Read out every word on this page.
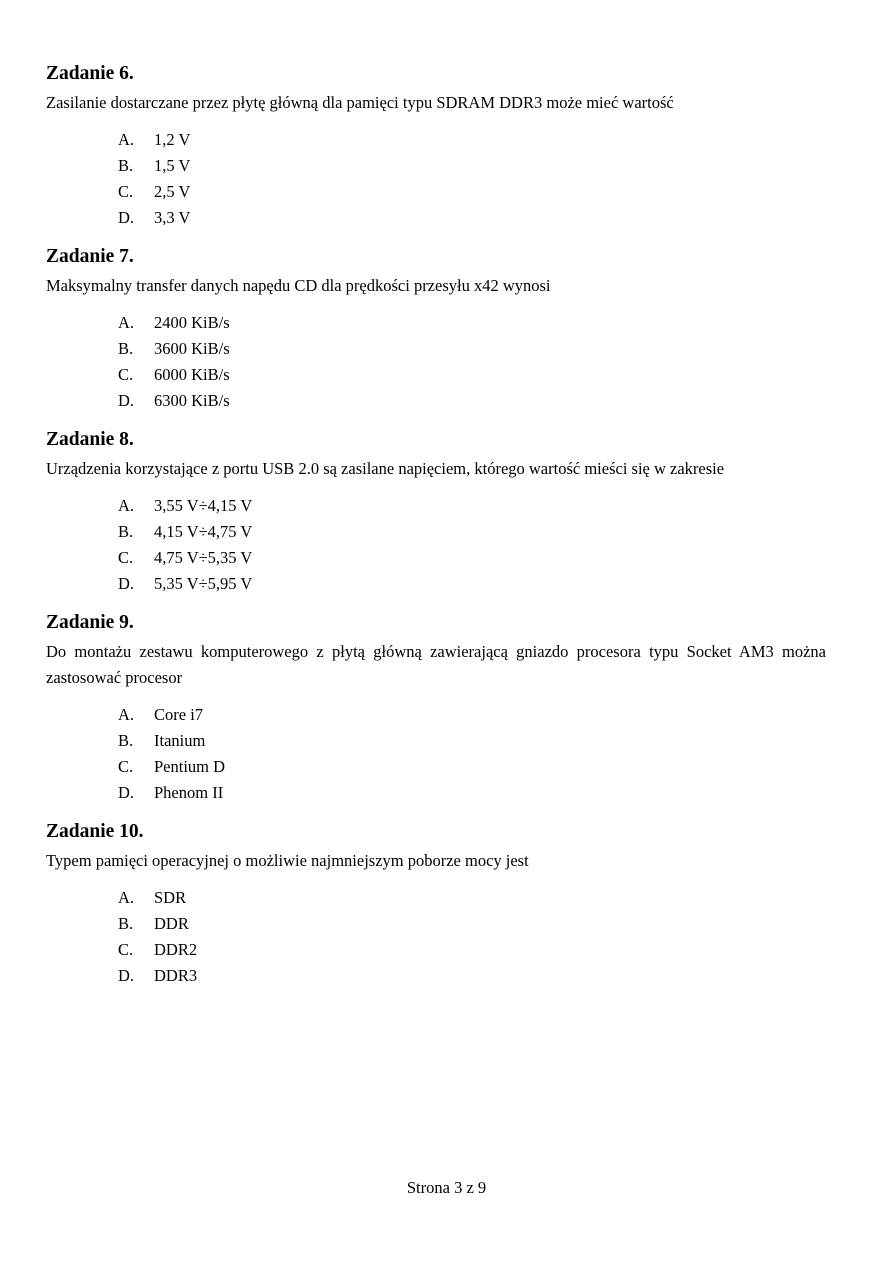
Zadanie 6.

Zasilanie dostarczane przez płytę główną dla pamięci typu SDRAM DDR3 może mieć wartość

A.	1,2 V
B.	1,5 V
C.	2,5 V
D.	3,3 V
Zadanie 7.

Maksymalny transfer danych napędu CD dla prędkości przesyłu x42 wynosi

A.	2400 KiB/s
B.	3600 KiB/s
C.	6000 KiB/s
D.	6300 KiB/s
Zadanie 8.

Urządzenia korzystające z portu USB 2.0 są zasilane napięciem, którego wartość mieści się w zakresie

A.	3,55 V÷4,15 V
B.	4,15 V÷4,75 V
C.	4,75 V÷5,35 V
D.	5,35 V÷5,95 V
Zadanie 9.

Do montażu zestawu komputerowego z płytą główną zawierającą gniazdo procesora typu Socket AM3 można zastosować procesor

A.	Core i7
B.	Itanium
C.	Pentium D
D.	Phenom II
Zadanie 10.

Typem pamięci operacyjnej o możliwie najmniejszym poborze mocy jest

A.	SDR
B.	DDR
C.	DDR2
D.	DDR3
Strona 3 z 9
